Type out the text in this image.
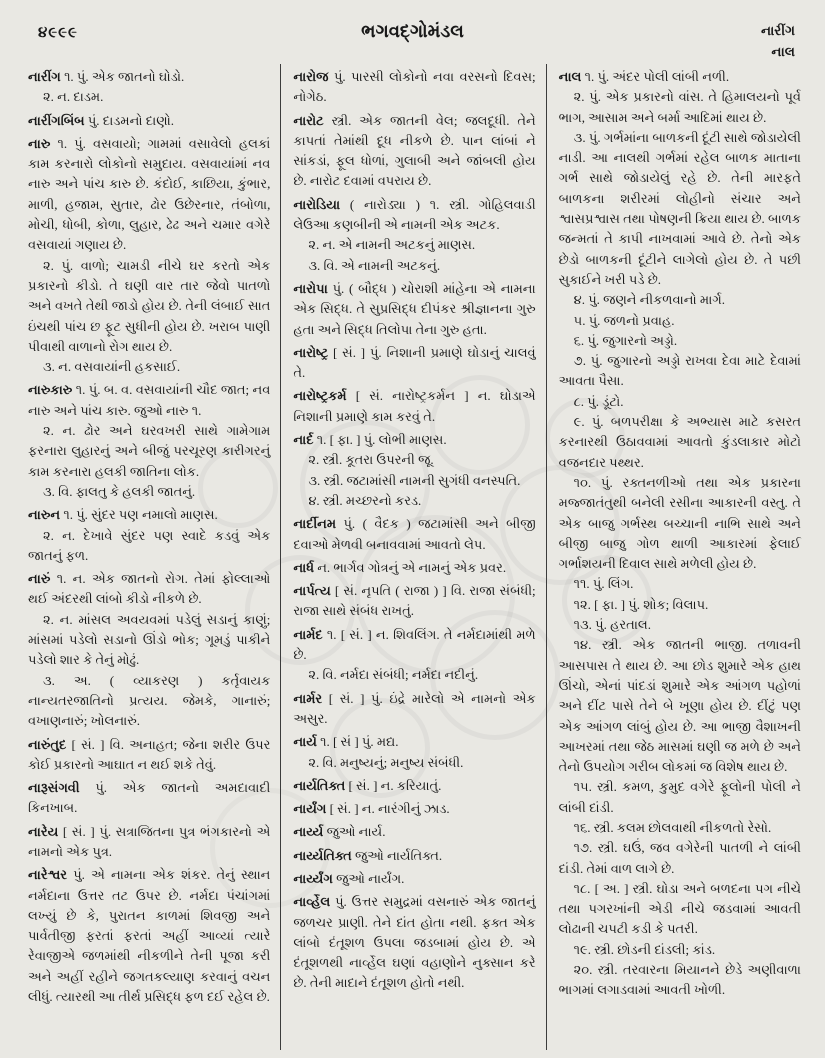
૪૯૯૯	ભગવદ્ગોમંડલ	નારીંગ
નાલ

નારીંગ ૧. પું. એક જાતનો ઘોડો.

૨. ન. દાડમ.

નારીંગબિંબ પું. દાડમનો દાણો.

નારુ ૧. પું. વસવાયો; ગામમાં વસાવેલો હલકાં કામ કરનારો લોકોનો સમુદાય. વસવાયાંમાં નવ નારુ અને પાંચ કારુ છે. કંદોઈ, કાછિયા, કુંભાર, માળી, હજામ, સુતાર, ઢોર ઉછેરનાર, તંબોળા, મોચી, ધોબી, કોળા, લુહાર, ઢેઢ અને ચમાર વગેરે વસવાયાં ગણાય છે.

૨. પું. વાળો; ચામડી નીચે ઘર કરતો એક પ્રકારનો કીડો. તે ઘણી વાર તાર જેવો પાતળો અને વખતે તેથી જાડો હોય છે. તેની લંબાઈ સાત ઇંચથી પાંચ છ ફૂટ સુધીની હોય છે. ખરાબ પાણી પીવાથી વાળાનો રોગ થાય છે.

૩. ન. વસવાયાંની હકસાઈ.

નારુકારુ ૧. પું. બ. વ. વસવાયાંની ચૌદ જાત; નવ નારુ અને પાંચ કારુ. જુઓ નારુ ૧.

૨. ન. ઢોર અને ઘરવખરી સાથે ગામેગામ ફરનારા લુહારનું અને બીજું પરચૂરણ કારીગરનું કામ કરનારા હલકી જાતિના લોક.

૩. વિ. ફાલતુ કે હલકી જાતનું.

નારુન ૧. પું. સુંદર પણ નમાલો માણસ.

૨. ન. દેખાવે સુંદર પણ સ્વાદે કડવું એક જાતનું ફળ.

નારું ૧. ન. એક જાતનો રોગ. તેમાં ફોલ્લાઓ થઈ અંદરથી લાંબો કીડો નીકળે છે.

૨. ન. માંસલ અવયવમાં પડેલું સડાનું કાણું; માંસમાં પડેલો સડાનો ઊંડો ભોક; ગૂમડું પાકીને પડેલો શાર કે તેનું મોઢું.

૩. અ. ( વ્યાકરણ ) કર્તૃવાયક નાન્યતરજાતિનો પ્રત્યય. જેમકે, ગાનારું; વખાણનારું; ખોલનારું.

નારુંતુદ [ સં. ] વિ. અનાહત; જેના શરીર ઉપર કોઈ પ્રકારનો આઘાત ન થઈ શકે તેવું.

નારૂસંગવી પું. એક જાતનો અમદાવાદી કિનખાબ.

નારેય [ સં. ] પું. સત્રાજિતના પુત્ર ભંગકારનો એ નામનો એક પુત્ર.

નારેશ્વર પું. એ નામના એક શંકર. તેનું સ્થાન નર્મદાના ઉત્તર તટ ઉપર છે. નર્મદા પંચાંગમાં લખ્યું છે કે, પુરાતન કાળમાં શિવજી અને પાર્વતીજી ફરતાં ફરતાં અહીં આવ્યાં ત્યારે રેવાજીએ જળમાંથી નીકળીને તેની પૂજા કરી અને અહીં રહીને જગતકલ્યાણ કરવાનું વચન લીધું. ત્યારથી આ તીર્થ પ્રસિદ્ધ ફળ દઈ રહેલ છે.

નારોજ પું. પારસી લોકોનો નવા વરસનો દિવસ; નોગેઠ.

નારોટ સ્ત્રી. એક જાતની વેલ; જલદૂધી. તેને કાપતાં તેમાંથી દૂધ નીકળે છે. પાન લાંબાં ને સાંકડાં, ફૂલ ધોળાં, ગુલાબી અને જાંબલી હોય છે. નારોટ દવામાં વપરાય છે.

નારોડિયા ( નારોડ્યા ) ૧. સ્ત્રી. ગોહિલવાડી લેઉઆ કણબીની એ નામની એક અટક.

૨. ન. એ નામની અટકનું માણસ.

૩. વિ. એ નામની અટકનું.

નારોપા પું. ( બૌદ્ધ ) ચોરાશી માંહેના એ નામના એક સિદ્ધ. તે સુપ્રસિદ્ધ દીપંકર શ્રીજ્ઞાનના ગુરુ હતા અને સિદ્ધ તિલોપા તેના ગુરુ હતા.

નારોષ્ટ્ર [ સં. ] પું. નિશાની પ્રમાણે ઘોડાનું ચાલવું તે.

નારોષ્ટ્રકર્મ [ સં. નારોષ્ટ્રકર્મન ] ન. ઘોડાએ નિશાની પ્રમાણે કામ કરવું તે.

નાર્દ ૧. [ ફા. ] પું. લોભી માણસ.

૨. સ્ત્રી. કૂતરા ઉપરની જૂ.

૩. સ્ત્રી. જટામાંસી નામની સુગંધી વનસ્પતિ.

૪. સ્ત્રી. મચ્છરનો કરડ.

નાર્દીનમ પું. ( વૈદક ) જટામાંસી અને બીજી દવાઓ મેળવી બનાવવામાં આવતો લેપ.

નાર્ધ ન. ભાર્ગવ ગોત્રનું એ નામનું એક પ્રવર.

નાર્પત્ય [ સં. નૃપતિ ( રાજા ) ] વિ. રાજા સંબંધી; રાજા સાથે સંબંધ રાખતું.

નાર્મદ ૧. [ સં. ] ન. શિવલિંગ. તે નર્મદામાંથી મળે છે.

૨. વિ. નર્મદા સંબંધી; નર્મદા નદીનું.

નાર્મર [ સં. ] પું. ઇંદ્રે મારેલો એ નામનો એક અસુર.

નાર્ય ૧. [ સં ] પું. મદ્ય.

૨. વિ. મનુષ્યનું; મનુષ્ય સંબંધી.

નાર્યતિક્ત [ સં. ] ન. કરિયાતું.

નાર્યંગ [ સં. ] ન. નારંગીનું ઝાડ.

નાર્ય્ય જુઓ નાર્ય.

નાર્ય્યતિક્ત જુઓ નાર્યતિક્ત.

નાર્ય્યંગ જુઓ નાર્યંગ.

નાર્વ્હેલ પું. ઉત્તર સમુદ્રમાં વસનારું એક જાતનું જળચર પ્રાણી. તેને દાંત હોતા નથી. ફક્ત એક લાંબો દંતૂશળ ઉપલા જડબામાં હોય છે. એ દંતૂશળથી નાર્વ્હેલ ઘણાં વહાણોને નુક્સાન કરે છે. તેની માદાને દંતૂશળ હોતો નથી.

નાલ ૧. પું. અંદર પોલી લાંબી નળી.

૨. પું. એક પ્રકારનો વાંસ. તે હિમાલયનો પૂર્વ ભાગ, આસામ અને બર્મા આદિમાં થાય છે.

૩. પું. ગર્ભમાંના બાળકની દૂંટી સાથે જોડાયેલી નાડી. આ નાલથી ગર્ભમાં રહેલ બાળક માતાના ગર્ભ સાથે જોડાયેલું રહે છે. તેની મારફતે બાળકના શરીરમાં લોહીનો સંચાર અને શ્વાસપ્રશ્વાસ તથા પોષણની ક્રિયા થાય છે. બાળક જન્મતાં તે કાપી નાખવામાં આવે છે. તેનો એક છેડો બાળકની દૂંટીને લાગેલો હોય છે. તે પછી સુકાઈને ખરી પડે છે.

૪. પું. જણને નીકળવાનો માર્ગ.

૫. પું. જળનો પ્રવાહ.

૬. પું. જુગારનો અડ્ડો.

૭. પું. જુગારનો અડ્ડો રાખવા દેવા માટે દેવામાં આવતા પૈસા.

૮. પું. ડૂંટો.

૯. પું. બળપરીક્ષા કે અભ્યાસ માટે કસરત કરનારથી ઉઠાવવામાં આવતો કુંડલાકાર મોટો વજનદાર પથ્થર.

૧૦. પું. રક્તનળીઓ તથા એક પ્રકારના મજ્જાતંતુથી બનેલી રસીના આકારની વસ્તુ. તે એક બાજુ ગર્ભસ્થ બચ્ચાની નાભિ સાથે અને બીજી બાજુ ગોળ થાળી આકારમાં ફેલાઈ ગર્ભાશયની દિવાલ સાથે મળેલી હોય છે.

૧૧. પું. લિંગ.

૧૨. [ ફા. ] પું. શોક; વિલાપ.

૧૩. પું. હરતાલ.

૧૪. સ્ત્રી. એક જાતની ભાજી. તળાવની આસપાસ તે થાય છે. આ છોડ શુમારે એક હાથ ઊંચો, એનાં પાંદડાં શુમારે એક આંગળ પહોળાં અને દીંટ પાસે તેને બે ખૂણા હોય છે. દીંટું પણ એક આંગળ લાંબું હોય છે. આ ભાજી વૈશાખની આખરમાં તથા જેઠ માસમાં ઘણી જ મળે છે અને તેનો ઉપયોગ ગરીબ લોકમાં જ વિશેષ થાય છે.

૧૫. સ્ત્રી. કમળ, કુમુદ વગેરે ફૂલોની પોલી ને લાંબી દાંડી.

૧૬. સ્ત્રી. કલમ છોલવાથી નીકળતો રેસો.

૧૭. સ્ત્રી. ઘઉં, જવ વગેરેની પાતળી ને લાંબી દાંડી. તેમાં વાળ લાગે છે.

૧૮. [ અ. ] સ્ત્રી. ઘોડા અને બળદના પગ નીચે તથા પગરખાંની એડી નીચે જડવામાં આવતી લોઢાની ચપટી કડી કે પતરી.

૧૯. સ્ત્રી. છોડની દાંડલી; કાંડ.

૨૦. સ્ત્રી. તરવારના મિયાનને છેડે અણીવાળા ભાગમાં લગાડવામાં આવતી ખોળી.
